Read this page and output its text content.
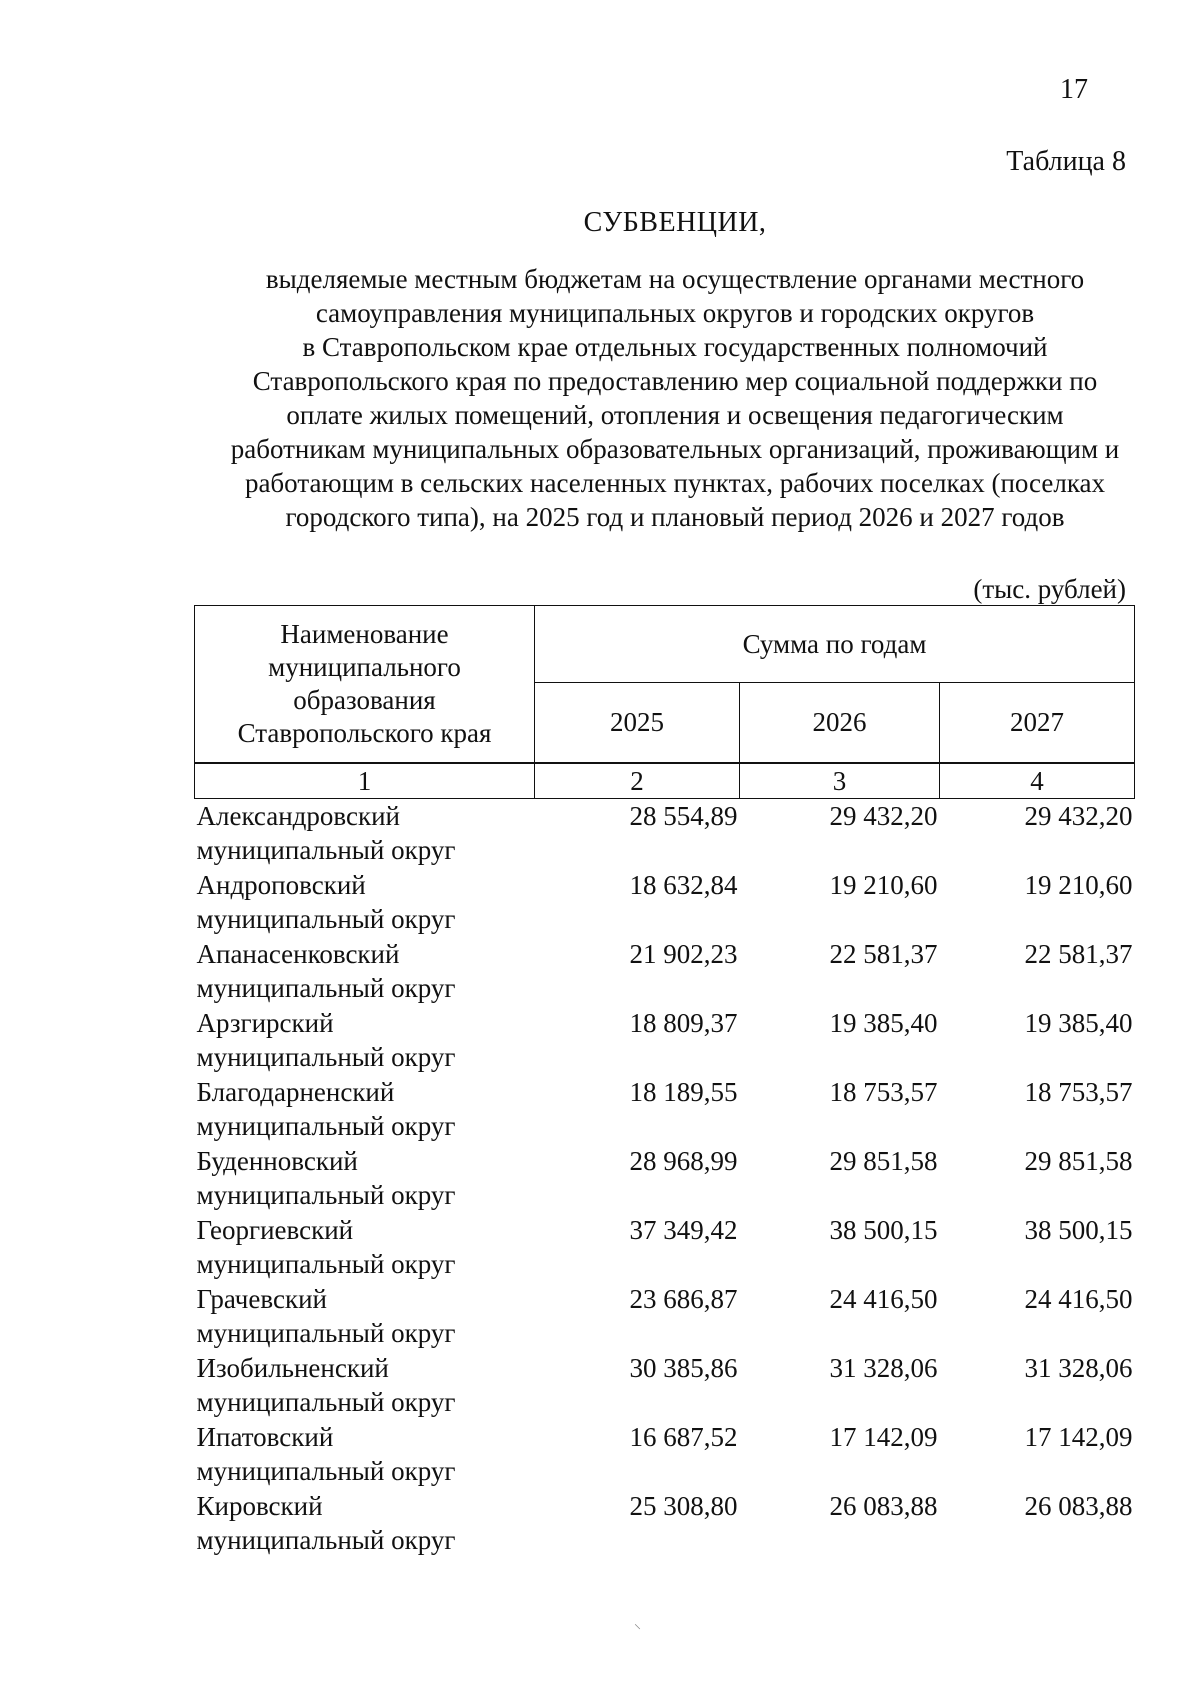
17
Таблица 8
СУБВЕНЦИИ,
выделяемые местным бюджетам на осуществление органами местного
самоуправления муниципальных округов и городских округов
в Ставропольском крае отдельных государственных полномочий
Ставропольского края по предоставлению мер социальной поддержки по
оплате жилых помещений, отопления и освещения педагогическим
работникам муниципальных образовательных организаций, проживающим и
работающим в сельских населенных пунктах, рабочих поселках (поселках
городского типа), на 2025 год и плановый период 2026 и 2027 годов
(тыс. рублей)
Наименование
муниципального
образования
Ставропольского края	Сумма по годам		
	2025	2026	2027
1	2	3	4

Александровский
муниципальный округ	28 554,89	29 432,20	29 432,20

Андроповский
муниципальный округ	18 632,84	19 210,60	19 210,60

Апанасенковский
муниципальный округ	21 902,23	22 581,37	22 581,37

Арзгирский
муниципальный округ	18 809,37	19 385,40	19 385,40

Благодарненский
муниципальный округ	18 189,55	18 753,57	18 753,57

Буденновский
муниципальный округ	28 968,99	29 851,58	29 851,58

Георгиевский
муниципальный округ	37 349,42	38 500,15	38 500,15

Грачевский
муниципальный округ	23 686,87	24 416,50	24 416,50

Изобильненский
муниципальный округ	30 385,86	31 328,06	31 328,06

Ипатовский
муниципальный округ	16 687,52	17 142,09	17 142,09

Кировский
муниципальный округ	25 308,80	26 083,88	26 083,88
⸌
